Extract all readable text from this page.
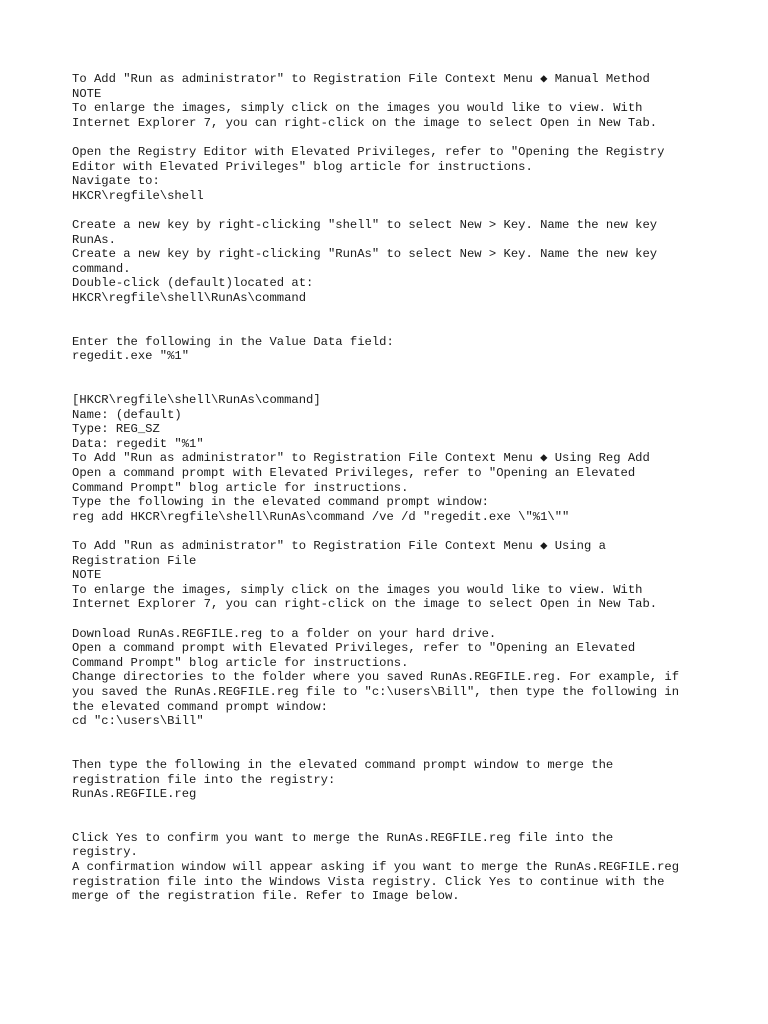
To Add "Run as administrator" to Registration File Context Menu ◆ Manual Method
NOTE
To enlarge the images, simply click on the images you would like to view. With
Internet Explorer 7, you can right-click on the image to select Open in New Tab.
Open the Registry Editor with Elevated Privileges, refer to "Opening the Registry
Editor with Elevated Privileges" blog article for instructions.
Navigate to:
HKCR\regfile\shell
Create a new key by right-clicking "shell" to select New > Key. Name the new key
RunAs.
Create a new key by right-clicking "RunAs" to select New > Key. Name the new key
command.
Double-click (default)located at:
HKCR\regfile\shell\RunAs\command
Enter the following in the Value Data field:
regedit.exe "%1"
[HKCR\regfile\shell\RunAs\command]
Name: (default)
Type: REG_SZ
Data: regedit "%1"
To Add "Run as administrator" to Registration File Context Menu ◆ Using Reg Add
Open a command prompt with Elevated Privileges, refer to "Opening an Elevated
Command Prompt" blog article for instructions.
Type the following in the elevated command prompt window:
reg add HKCR\regfile\shell\RunAs\command /ve /d "regedit.exe \"%1\""
To Add "Run as administrator" to Registration File Context Menu ◆ Using a
Registration File
NOTE
To enlarge the images, simply click on the images you would like to view. With
Internet Explorer 7, you can right-click on the image to select Open in New Tab.
Download RunAs.REGFILE.reg to a folder on your hard drive.
Open a command prompt with Elevated Privileges, refer to "Opening an Elevated
Command Prompt" blog article for instructions.
Change directories to the folder where you saved RunAs.REGFILE.reg. For example, if
you saved the RunAs.REGFILE.reg file to "c:\users\Bill", then type the following in
the elevated command prompt window:
cd "c:\users\Bill"
Then type the following in the elevated command prompt window to merge the
registration file into the registry:
RunAs.REGFILE.reg
Click Yes to confirm you want to merge the RunAs.REGFILE.reg file into the
registry.
A confirmation window will appear asking if you want to merge the RunAs.REGFILE.reg
registration file into the Windows Vista registry. Click Yes to continue with the
merge of the registration file. Refer to Image below.
